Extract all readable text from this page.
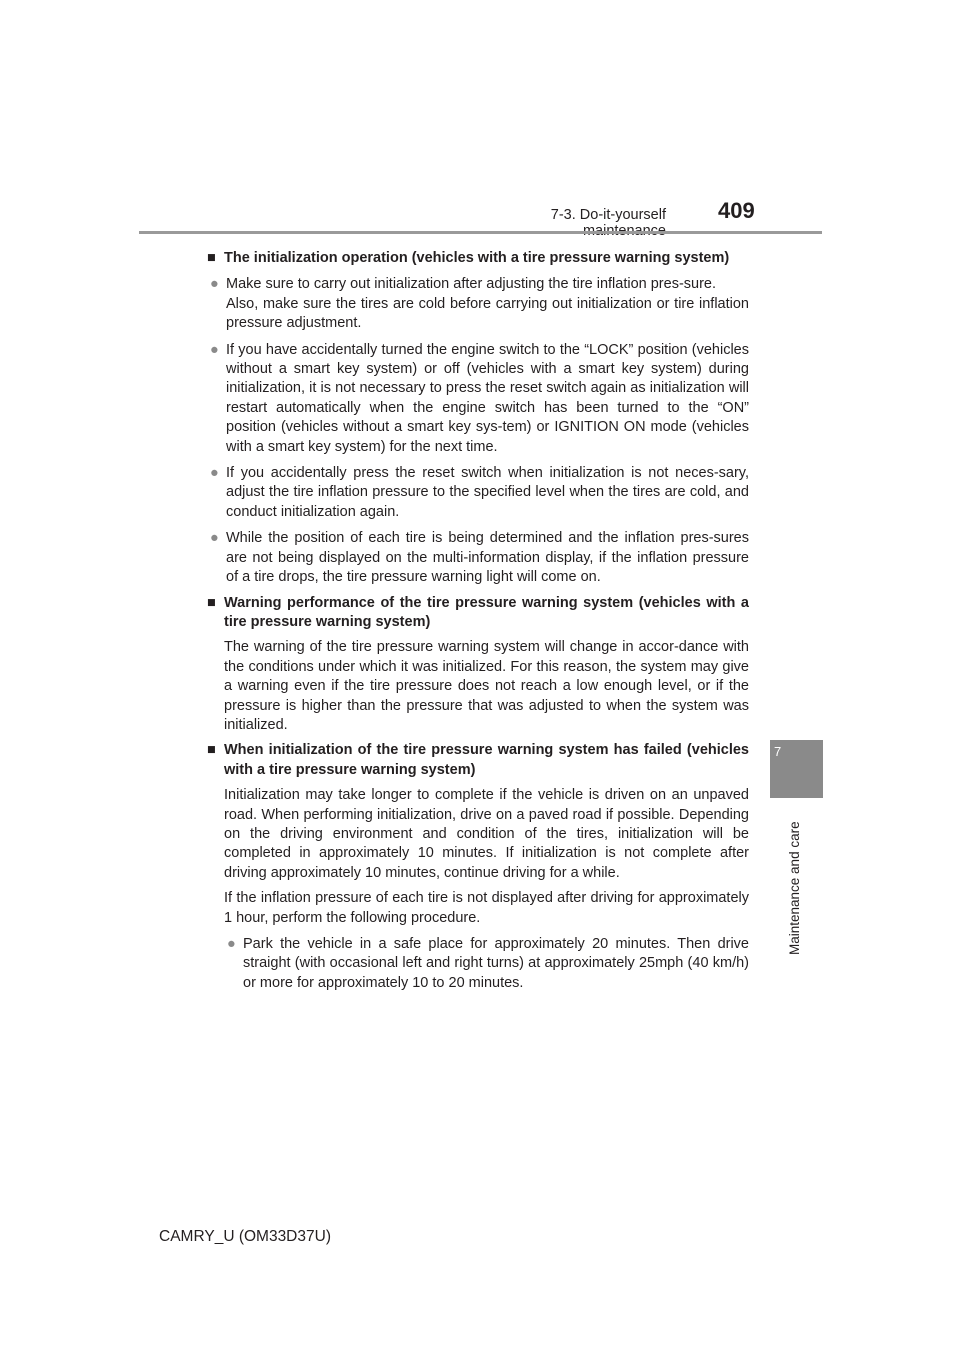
7-3. Do-it-yourself 409
7
Maintenance and care
■ The initialization operation (vehicles with a tire pressure warning system)
● Make sure to carry out initialization after adjusting the tire inflation pres-sure.

Also, make sure the tires are cold before carrying out initialization or tire inflation pressure adjustment.

● If you have accidentally turned the engine switch to the “LOCK” position (vehicles without a smart key system) or off (vehicles with a smart key system) during initialization, it is not necessary to press the reset switch again as initialization will restart automatically when the engine switch has been turned to the “ON” position (vehicles without a smart key sys-tem) or IGNITION ON mode (vehicles with a smart key system) for the next time.

● If you accidentally press the reset switch when initialization is not neces-sary, adjust the tire inflation pressure to the specified level when the tires are cold, and conduct initialization again.

● While the position of each tire is being determined and the inflation pres-sures are not being displayed on the multi-information display, if the inflation pressure of a tire drops, the tire pressure warning light will come on.

■ Warning performance of the tire pressure warning system (vehicles with a tire pressure warning system)

The warning of the tire pressure warning system will change in accor-dance with the conditions under which it was initialized. For this reason, the system may give a warning even if the tire pressure does not reach a low enough level, or if the pressure is higher than the pressure that was adjusted to when the system was initialized.

■ When initialization of the tire pressure warning system has failed (vehicles with a tire pressure warning system)

Initialization may take longer to complete if the vehicle is driven on an unpaved road. When performing initialization, drive on a paved road if possible. Depending on the driving environment and condition of the tires, initialization will be completed in approximately 10 minutes. If initialization is not complete after driving approximately 10 minutes, continue driving for a while.

If the inflation pressure of each tire is not displayed after driving for approximately 1 hour, perform the following procedure.

● Park the vehicle in a safe place for approximately 20 minutes. Then drive straight (with occasional left and right turns) at approximately 25mph (40 km/h) or more for approximately 10 to 20 minutes.

CAMRY_U (OM33D37U)
